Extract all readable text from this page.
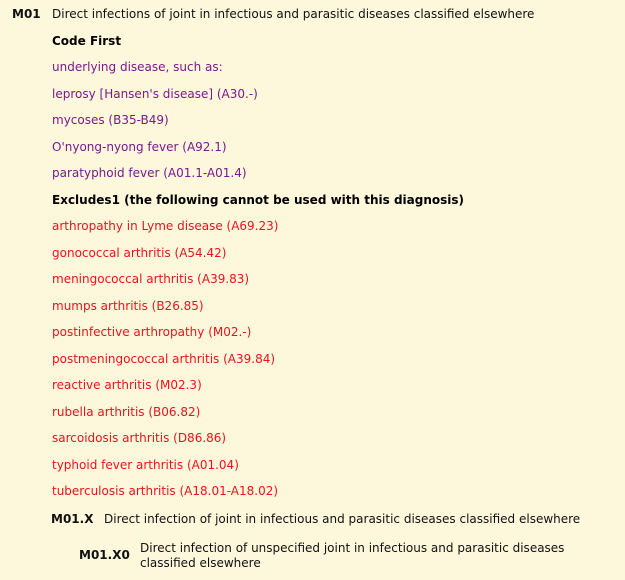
M01 Direct infections of joint in infectious and parasitic diseases classified elsewhere
Code First
underlying disease, such as:
leprosy [Hansen's disease] (A30.-)
mycoses (B35-B49)
O'nyong-nyong fever (A92.1)
paratyphoid fever (A01.1-A01.4)
Excludes1 (the following cannot be used with this diagnosis)
arthropathy in Lyme disease (A69.23)
gonococcal arthritis (A54.42)
meningococcal arthritis (A39.83)
mumps arthritis (B26.85)
postinfective arthropathy (M02.-)
postmeningococcal arthritis (A39.84)
reactive arthritis (M02.3)
rubella arthritis (B06.82)
sarcoidosis arthritis (D86.86)
typhoid fever arthritis (A01.04)
tuberculosis arthritis (A18.01-A18.02)
M01.X Direct infection of joint in infectious and parasitic diseases classified elsewhere
M01.X0 Direct infection of unspecified joint in infectious and parasitic diseases classified elsewhere
